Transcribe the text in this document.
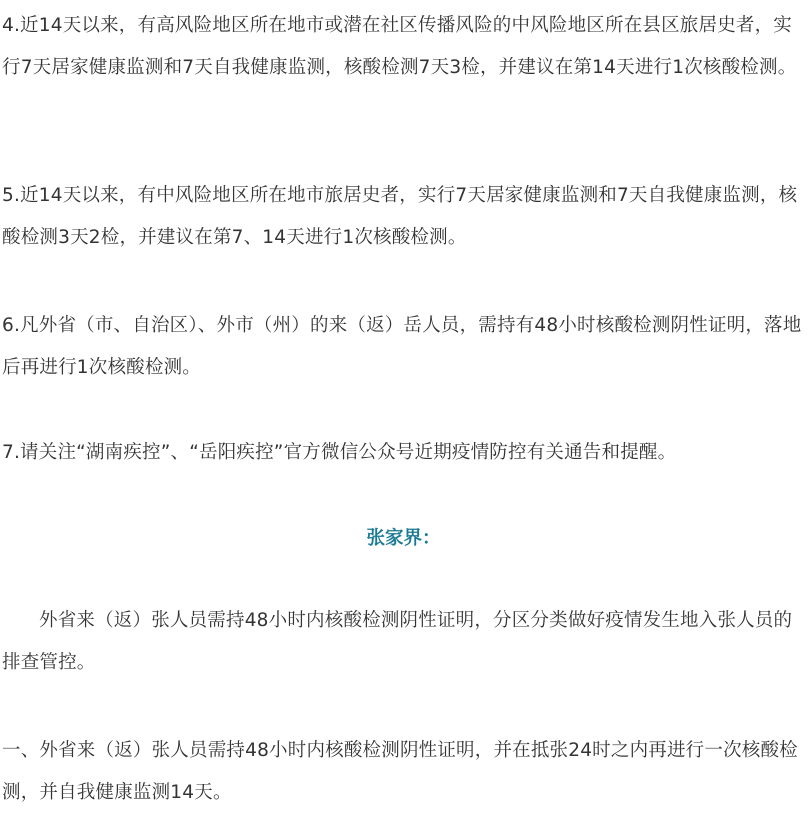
4.近14天以来，有高风险地区所在地市或潜在社区传播风险的中风险地区所在县区旅居史者，实行7天居家健康监测和7天自我健康监测，核酸检测7天3检，并建议在第14天进行1次核酸检测。

5.近14天以来，有中风险地区所在地市旅居史者，实行7天居家健康监测和7天自我健康监测，核酸检测3天2检，并建议在第7、14天进行1次核酸检测。

6.凡外省（市、自治区）、外市（州）的来（返）岳人员，需持有48小时核酸检测阴性证明，落地后再进行1次核酸检测。

7.请关注“湖南疾控”、“岳阳疾控”官方微信公众号近期疫情防控有关通告和提醒。

张家界：

外省来（返）张人员需持48小时内核酸检测阴性证明，分区分类做好疫情发生地入张人员的排查管控。

一、外省来（返）张人员需持48小时内核酸检测阴性证明，并在抵张24时之内再进行一次核酸检测，并自我健康监测14天。
